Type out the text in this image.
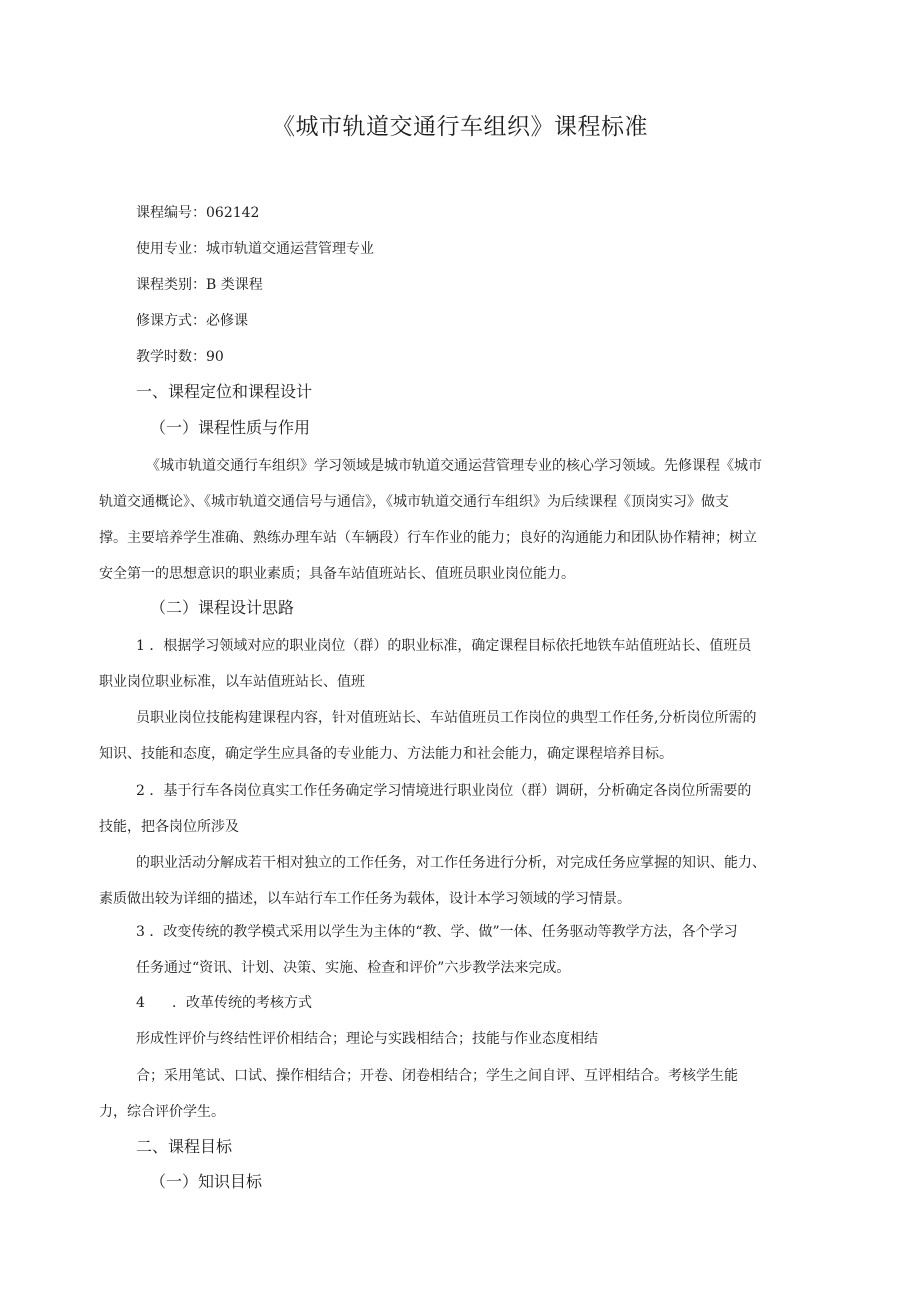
《城市轨道交通行车组织》课程标准
课程编号：062142
使用专业：城市轨道交通运营管理专业
课程类别：B 类课程
修课方式：必修课
教学时数：90
一、课程定位和课程设计
（一）课程性质与作用
《城市轨道交通行车组织》学习领域是城市轨道交通运营管理专业的核心学习领域。先修课程《城市
轨道交通概论》、《城市轨道交通信号与通信》，《城市轨道交通行车组织》为后续课程《顶岗实习》做支
撑。主要培养学生准确、熟练办理车站（车辆段）行车作业的能力；良好的沟通能力和团队协作精神；树立
安全第一的思想意识的职业素质；具备车站值班站长、值班员职业岗位能力。
（二）课程设计思路
1 ．根据学习领域对应的职业岗位（群）的职业标准，确定课程目标依托地铁车站值班站长、值班员
职业岗位职业标准，以车站值班站长、值班
员职业岗位技能构建课程内容，针对值班站长、车站值班员工作岗位的典型工作任务,分析岗位所需的
知识、技能和态度，确定学生应具备的专业能力、方法能力和社会能力，确定课程培养目标。
2 ．基于行车各岗位真实工作任务确定学习情境进行职业岗位（群）调研，分析确定各岗位所需要的
技能，把各岗位所涉及
的职业活动分解成若干相对独立的工作任务，对工作任务进行分析，对完成任务应掌握的知识、能力、
素质做出较为详细的描述，以车站行车工作任务为载体，设计本学习领域的学习情景。
3 ．改变传统的教学模式采用以学生为主体的“教、学、做”一体、任务驱动等教学方法，各个学习
任务通过“资讯、计划、决策、实施、检查和评价”六步教学法来完成。
4 ．改革传统的考核方式
形成性评价与终结性评价相结合；理论与实践相结合；技能与作业态度相结
合；采用笔试、口试、操作相结合；开卷、闭卷相结合；学生之间自评、互评相结合。考核学生能
力，综合评价学生。
二、课程目标
（一）知识目标
